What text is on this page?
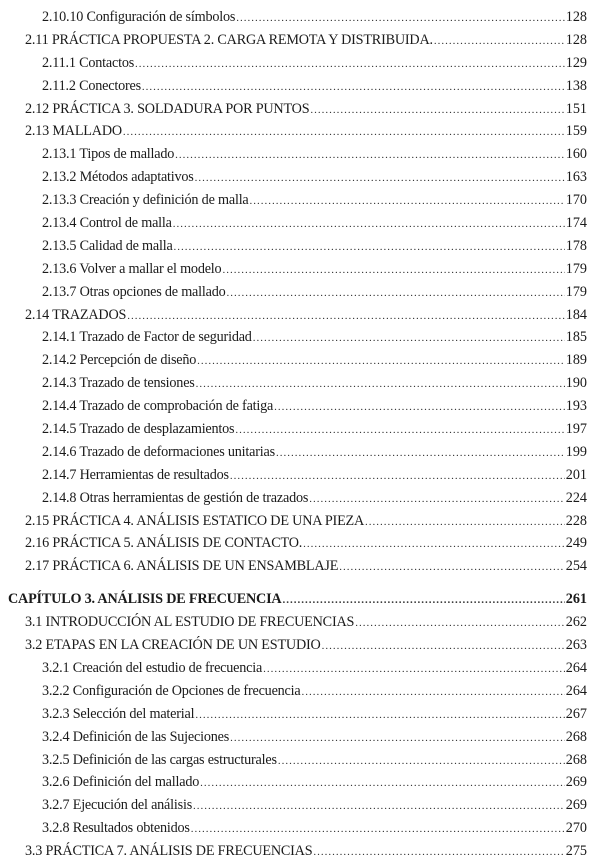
2.10.10 Configuración de símbolos .....	128
2.11 PRÁCTICA PROPUESTA 2. CARGA REMOTA Y DISTRIBUIDA. .....	128
2.11.1 Contactos .....	129
2.11.2 Conectores .....	138
2.12 PRÁCTICA 3. SOLDADURA POR PUNTOS .....	151
2.13 MALLADO .....	159
2.13.1 Tipos de mallado .....	160
2.13.2 Métodos adaptativos .....	163
2.13.3 Creación y definición de malla .....	170
2.13.4 Control de malla .....	174
2.13.5 Calidad de malla .....	178
2.13.6 Volver a mallar el modelo .....	179
2.13.7 Otras opciones de mallado .....	179
2.14 TRAZADOS .....	184
2.14.1 Trazado de Factor de seguridad .....	185
2.14.2 Percepción de diseño .....	189
2.14.3 Trazado de tensiones .....	190
2.14.4 Trazado de comprobación de fatiga .....	193
2.14.5 Trazado de desplazamientos .....	197
2.14.6 Trazado de deformaciones unitarias .....	199
2.14.7 Herramientas de resultados .....	201
2.14.8 Otras herramientas de gestión de trazados .....	224
2.15 PRÁCTICA 4. ANÁLISIS ESTATICO DE UNA PIEZA .....	228
2.16 PRÁCTICA 5. ANÁLISIS DE CONTACTO. .....	249
2.17 PRÁCTICA 6. ANÁLISIS DE UN ENSAMBLAJE .....	254
CAPÍTULO 3. ANÁLISIS DE FRECUENCIA .....	261
3.1 INTRODUCCIÓN AL ESTUDIO DE FRECUENCIAS .....	262
3.2 ETAPAS EN LA CREACIÓN DE UN ESTUDIO .....	263
3.2.1 Creación del estudio de frecuencia .....	264
3.2.2 Configuración de Opciones de frecuencia .....	264
3.2.3 Selección del material .....	267
3.2.4 Definición de las Sujeciones .....	268
3.2.5 Definición de las cargas estructurales .....	268
3.2.6 Definición del mallado .....	269
3.2.7 Ejecución del análisis .....	269
3.2.8 Resultados obtenidos .....	270
3.3 PRÁCTICA 7. ANÁLISIS DE FRECUENCIAS .....	275
